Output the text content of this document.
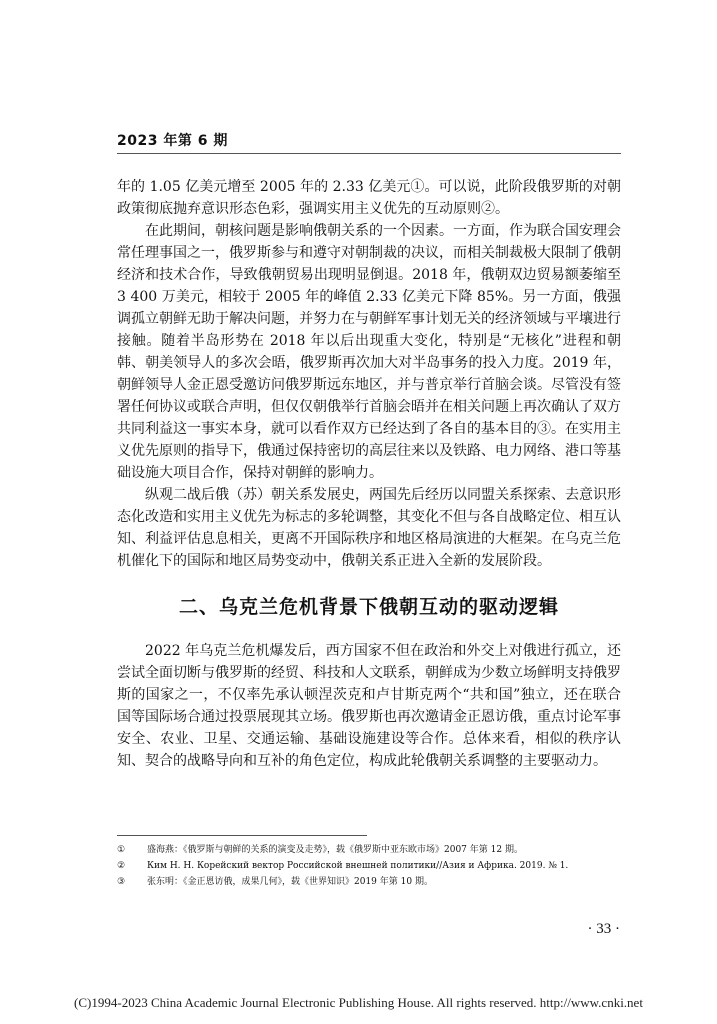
2023 年第 6 期

年的 1.05 亿美元增至 2005 年的 2.33 亿美元①。可以说，此阶段俄罗斯的对朝政策彻底抛弃意识形态色彩，强调实用主义优先的互动原则②。

在此期间，朝核问题是影响俄朝关系的一个因素。一方面，作为联合国安理会常任理事国之一，俄罗斯参与和遵守对朝制裁的决议，而相关制裁极大限制了俄朝经济和技术合作，导致俄朝贸易出现明显倒退。2018 年，俄朝双边贸易额萎缩至 3 400 万美元，相较于 2005 年的峰值 2.33 亿美元下降 85%。另一方面，俄强调孤立朝鲜无助于解决问题，并努力在与朝鲜军事计划无关的经济领域与平壤进行接触。随着半岛形势在 2018 年以后出现重大变化，特别是“无核化”进程和朝韩、朝美领导人的多次会晤，俄罗斯再次加大对半岛事务的投入力度。2019 年，朝鲜领导人金正恩受邀访问俄罗斯远东地区，并与普京举行首脑会谈。尽管没有签署任何协议或联合声明，但仅仅朝俄举行首脑会晤并在相关问题上再次确认了双方共同利益这一事实本身，就可以看作双方已经达到了各自的基本目的③。在实用主义优先原则的指导下，俄通过保持密切的高层往来以及铁路、电力网络、港口等基础设施大项目合作，保持对朝鲜的影响力。

纵观二战后俄（苏）朝关系发展史，两国先后经历以同盟关系探索、去意识形态化改造和实用主义优先为标志的多轮调整，其变化不但与各自战略定位、相互认知、利益评估息息相关，更离不开国际秩序和地区格局演进的大框架。在乌克兰危机催化下的国际和地区局势变动中，俄朝关系正进入全新的发展阶段。

二、乌克兰危机背景下俄朝互动的驱动逻辑

2022 年乌克兰危机爆发后，西方国家不但在政治和外交上对俄进行孤立，还尝试全面切断与俄罗斯的经贸、科技和人文联系，朝鲜成为少数立场鲜明支持俄罗斯的国家之一，不仅率先承认顿涅茨克和卢甘斯克两个“共和国”独立，还在联合国等国际场合通过投票展现其立场。俄罗斯也再次邀请金正恩访俄，重点讨论军事安全、农业、卫星、交通运输、基础设施建设等合作。总体来看，相似的秩序认知、契合的战略导向和互补的角色定位，构成此轮俄朝关系调整的主要驱动力。

①	盛海燕：《俄罗斯与朝鲜的关系的演变及走势》，载《俄罗斯中亚东欧市场》2007 年第 12 期。
②	Ким Н. Н. Корейский вектор Российской внешней политики//Азия и Африка. 2019. № 1.
③	张东明：《金正恩访俄，成果几何》，载《世界知识》2019 年第 10 期。
· 33 ·
(C)1994-2023 China Academic Journal Electronic Publishing House. All rights reserved. http://www.cnki.net
